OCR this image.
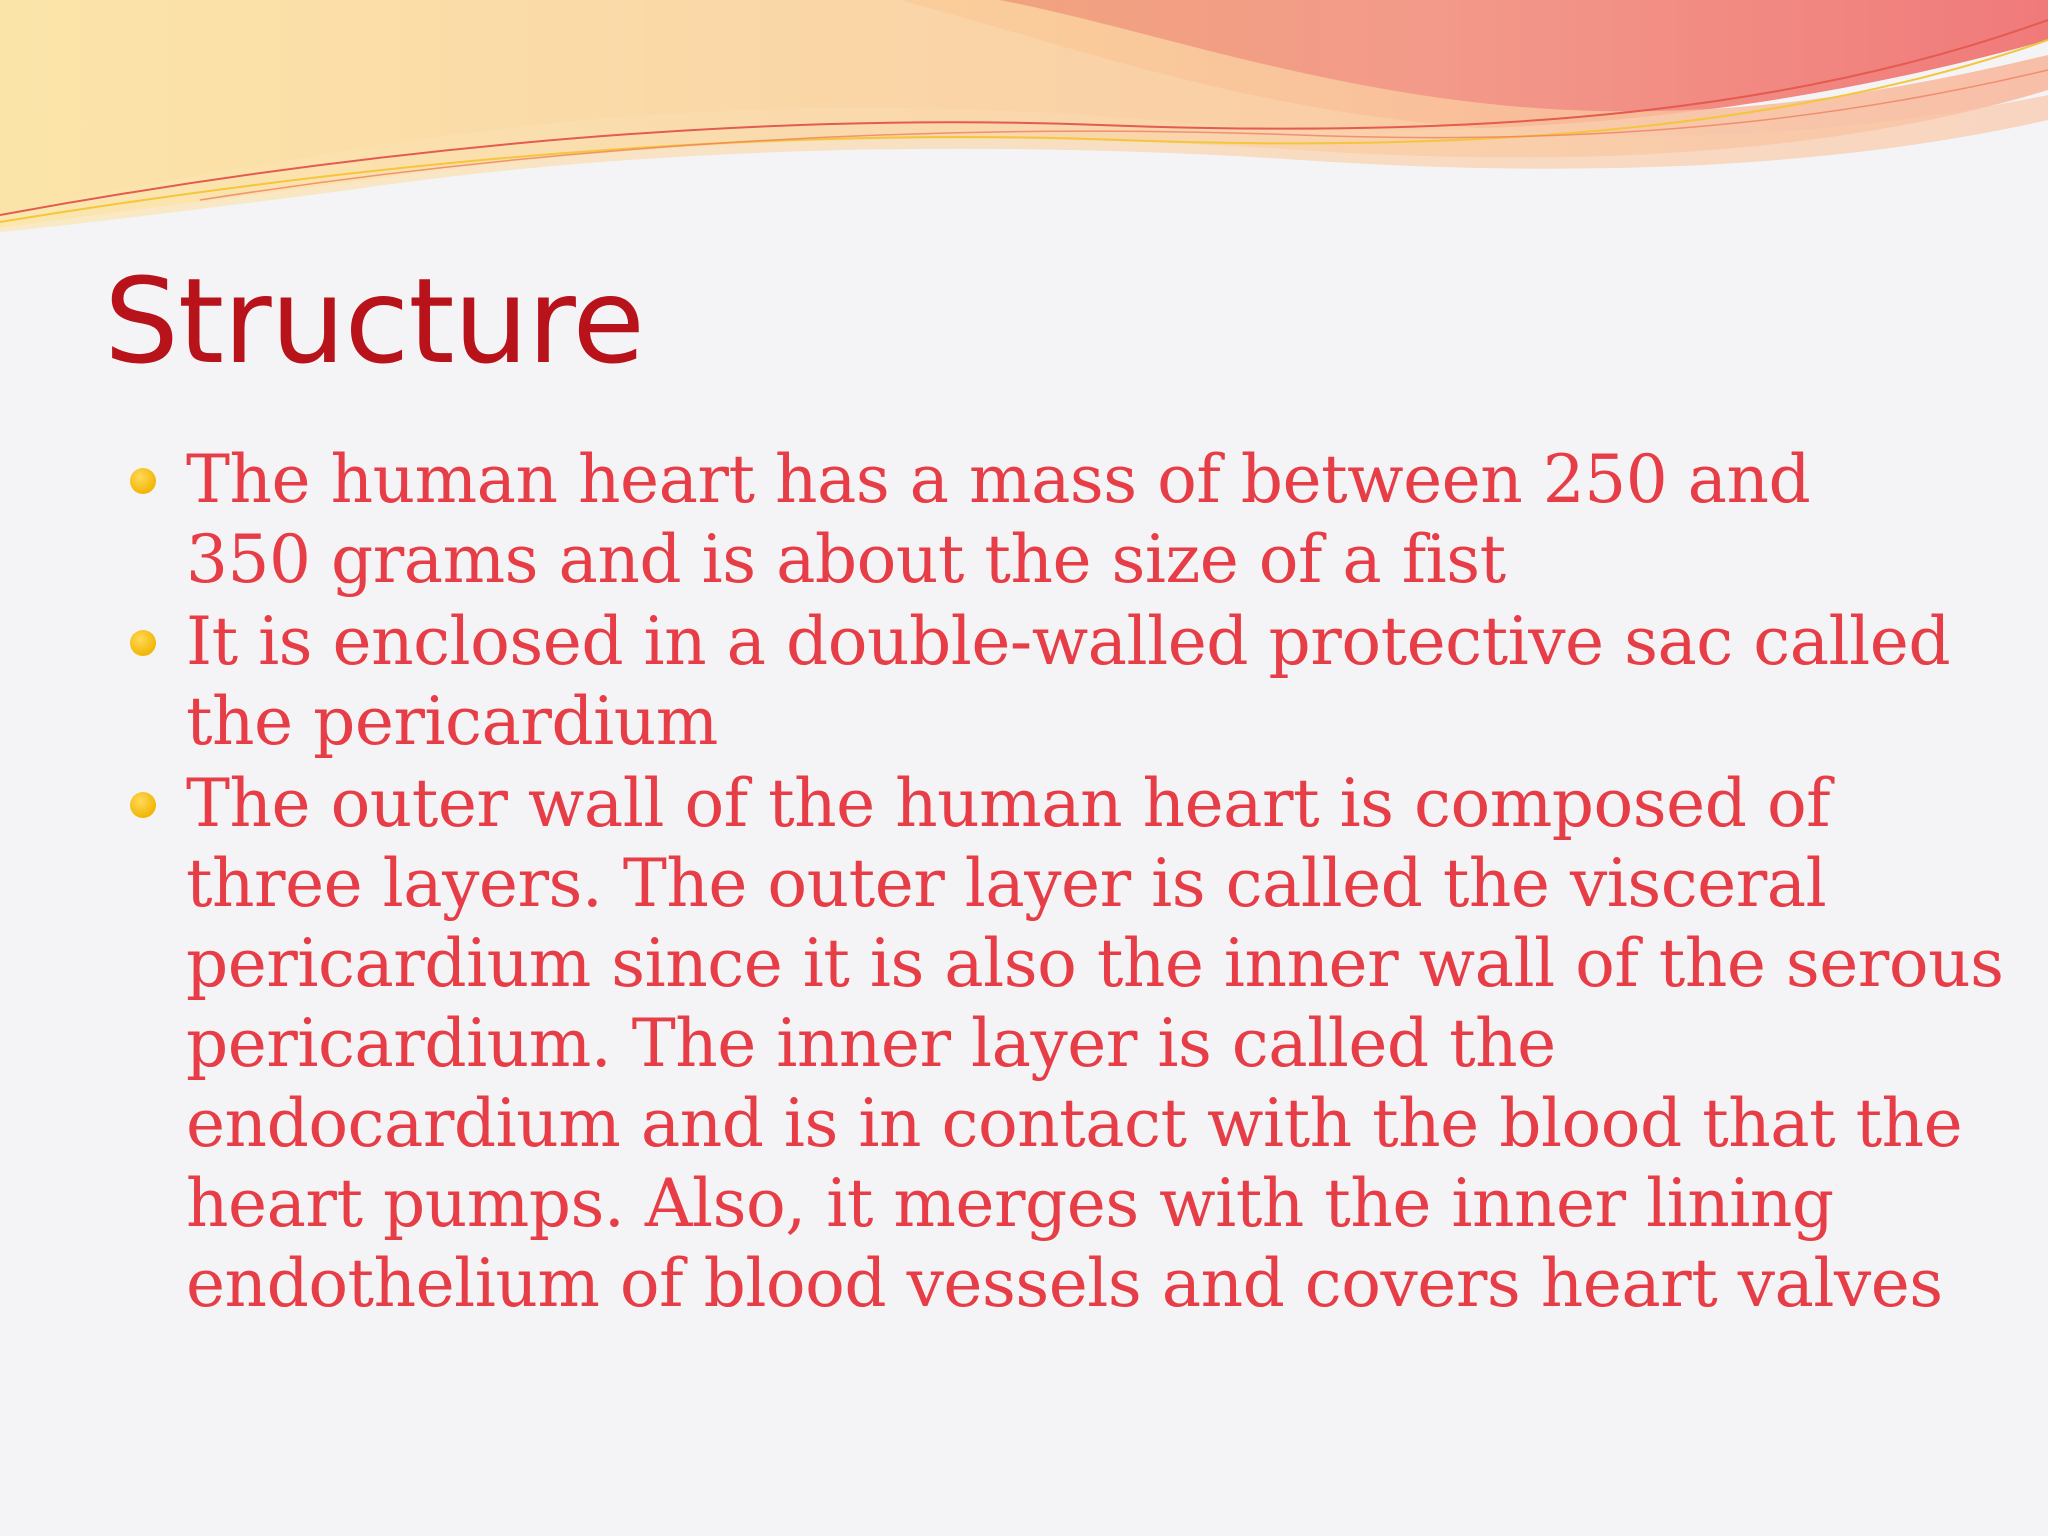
Structure
The human heart has a mass of between 250 and
350 grams and is about the size of a fist
It is enclosed in a double-walled protective sac called
the pericardium
The outer wall of the human heart is composed of
three layers. The outer layer is called the visceral
pericardium since it is also the inner wall of the serous
pericardium. The inner layer is called the
endocardium and is in contact with the blood that the
heart pumps. Also, it merges with the inner lining
endothelium of blood vessels and covers heart valves
